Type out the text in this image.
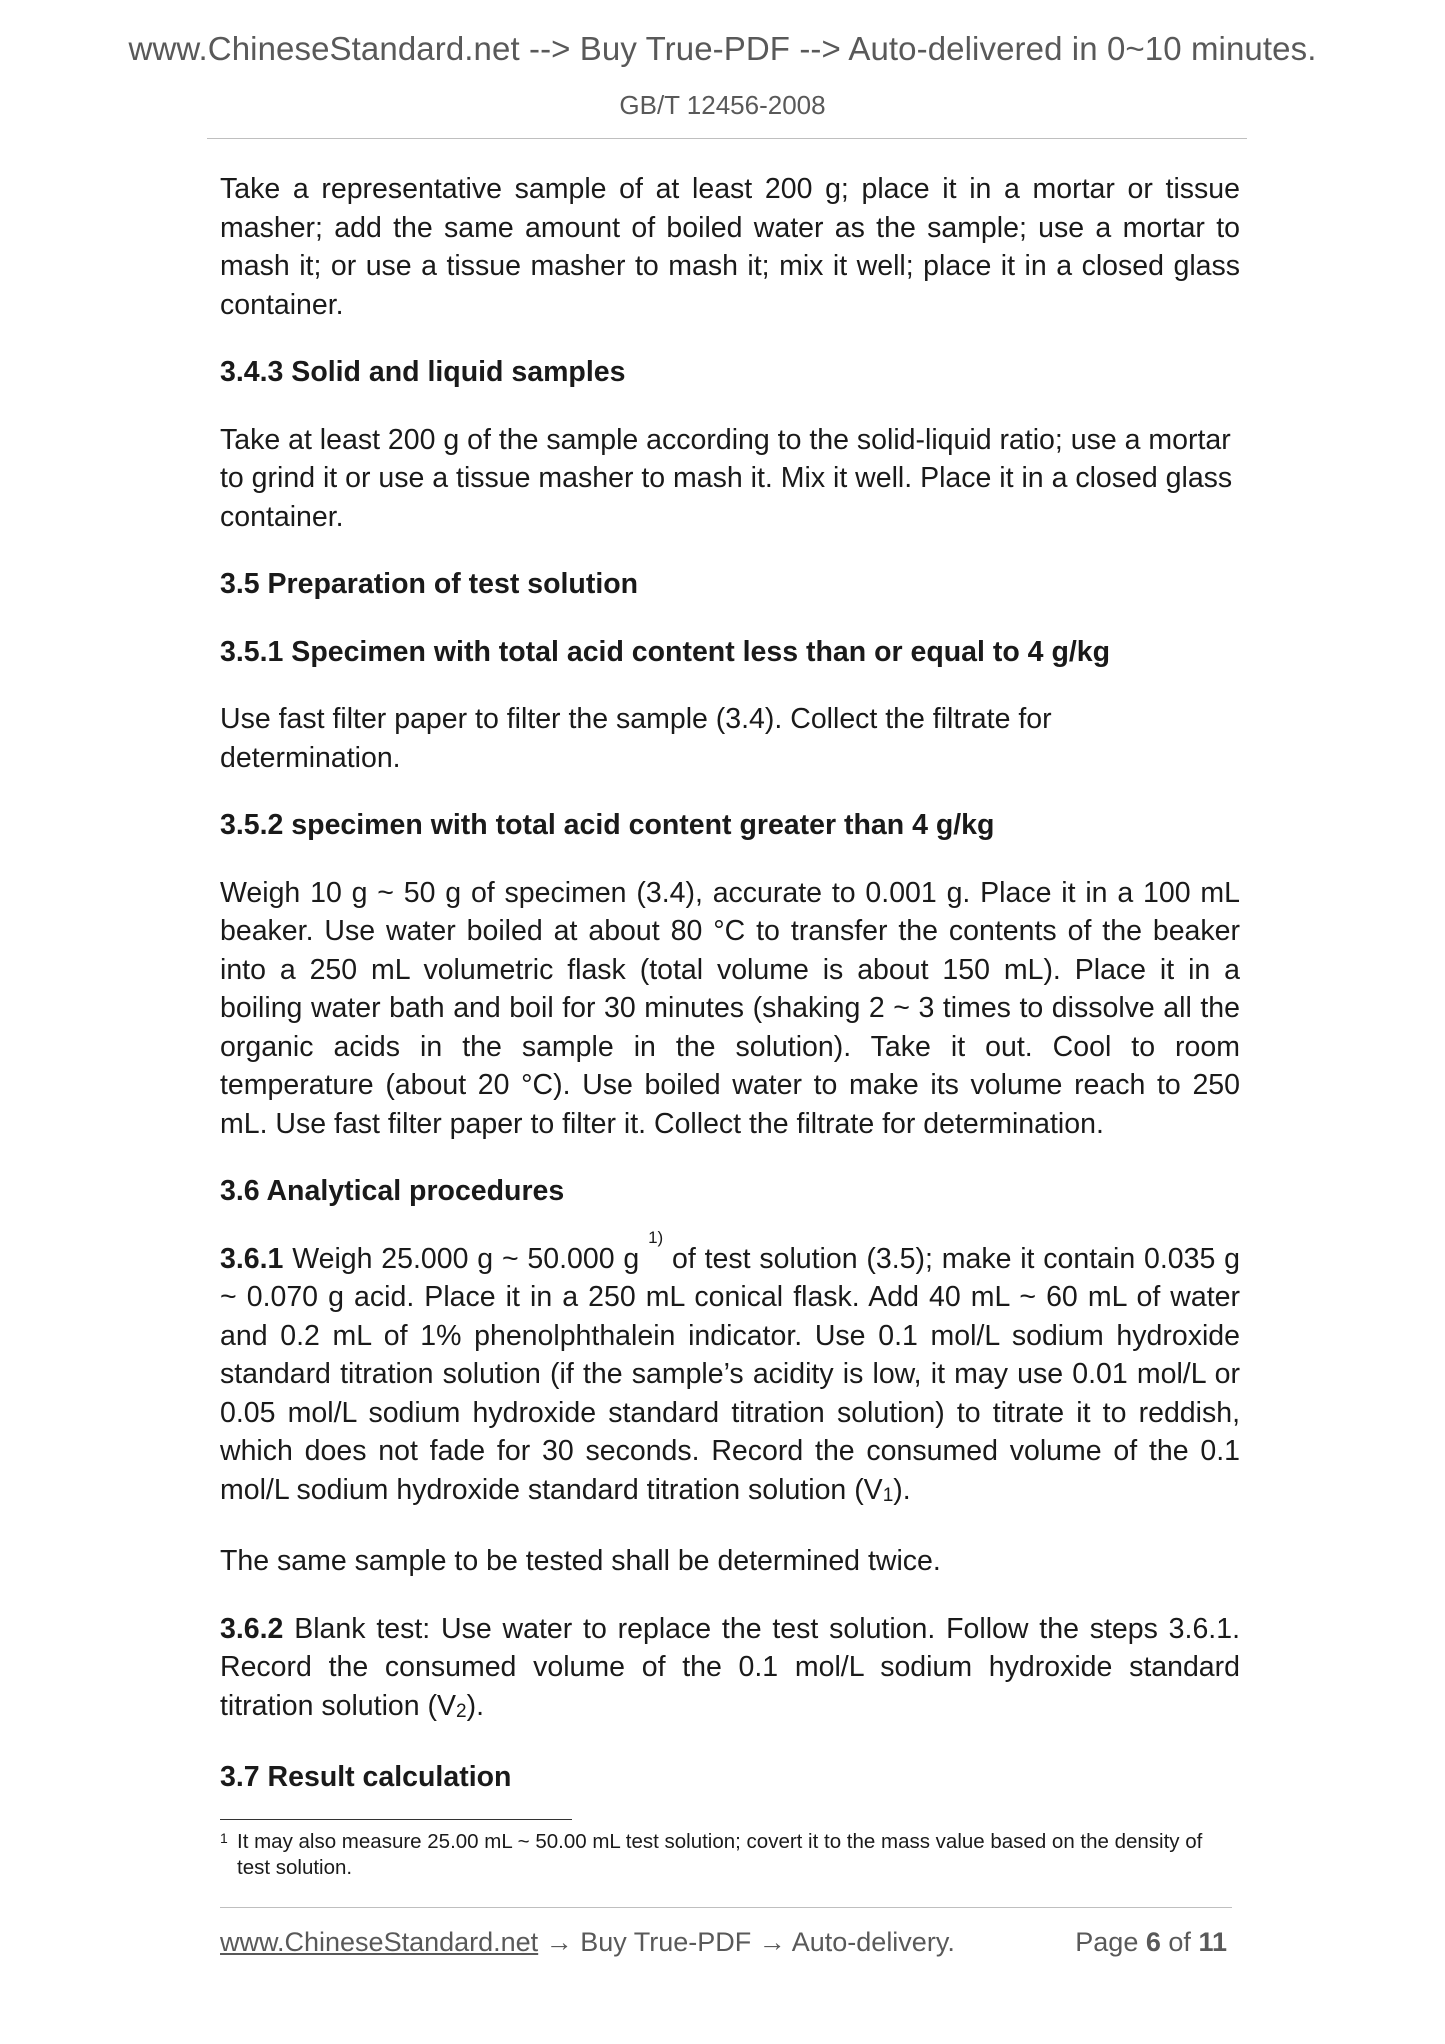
www.ChineseStandard.net --> Buy True-PDF --> Auto-delivered in 0~10 minutes.
GB/T 12456-2008

Take a representative sample of at least 200 g; place it in a mortar or tissue masher; add the same amount of boiled water as the sample; use a mortar to mash it; or use a tissue masher to mash it; mix it well; place it in a closed glass container.

3.4.3 Solid and liquid samples

Take at least 200 g of the sample according to the solid-liquid ratio; use a mortar to grind it or use a tissue masher to mash it. Mix it well. Place it in a closed glass container.

3.5 Preparation of test solution
3.5.1 Specimen with total acid content less than or equal to 4 g/kg

Use fast filter paper to filter the sample (3.4). Collect the filtrate for determination.

3.5.2 specimen with total acid content greater than 4 g/kg

Weigh 10 g ~ 50 g of specimen (3.4), accurate to 0.001 g. Place it in a 100 mL beaker. Use water boiled at about 80 °C to transfer the contents of the beaker into a 250 mL volumetric flask (total volume is about 150 mL). Place it in a boiling water bath and boil for 30 minutes (shaking 2 ~ 3 times to dissolve all the organic acids in the sample in the solution). Take it out. Cool to room temperature (about 20 °C). Use boiled water to make its volume reach to 250 mL. Use fast filter paper to filter it. Collect the filtrate for determination.

3.6 Analytical procedures

3.6.1 Weigh 25.000 g ~ 50.000 g $^{1)}$ of test solution (3.5); make it contain 0.035 g ~ 0.070 g acid. Place it in a 250 mL conical flask. Add 40 mL ~ 60 mL of water and 0.2 mL of 1% phenolphthalein indicator. Use 0.1 mol/L sodium hydroxide standard titration solution (if the sample’s acidity is low, it may use 0.01 mol/L or 0.05 mol/L sodium hydroxide standard titration solution) to titrate it to reddish, which does not fade for 30 seconds. Record the consumed volume of the 0.1 mol/L sodium hydroxide standard titration solution $(V_1)$.

The same sample to be tested shall be determined twice.

3.6.2 Blank test: Use water to replace the test solution. Follow the steps 3.6.1. Record the consumed volume of the 0.1 mol/L sodium hydroxide standard titration solution $(V_2)$.

3.7 Result calculation
1 It may also measure 25.00 mL ~ 50.00 mL test solution; covert it to the mass value based on the density of test solution.
www.ChineseStandard.net → Buy True-PDF → Auto-delivery.	Page 6 of 11
